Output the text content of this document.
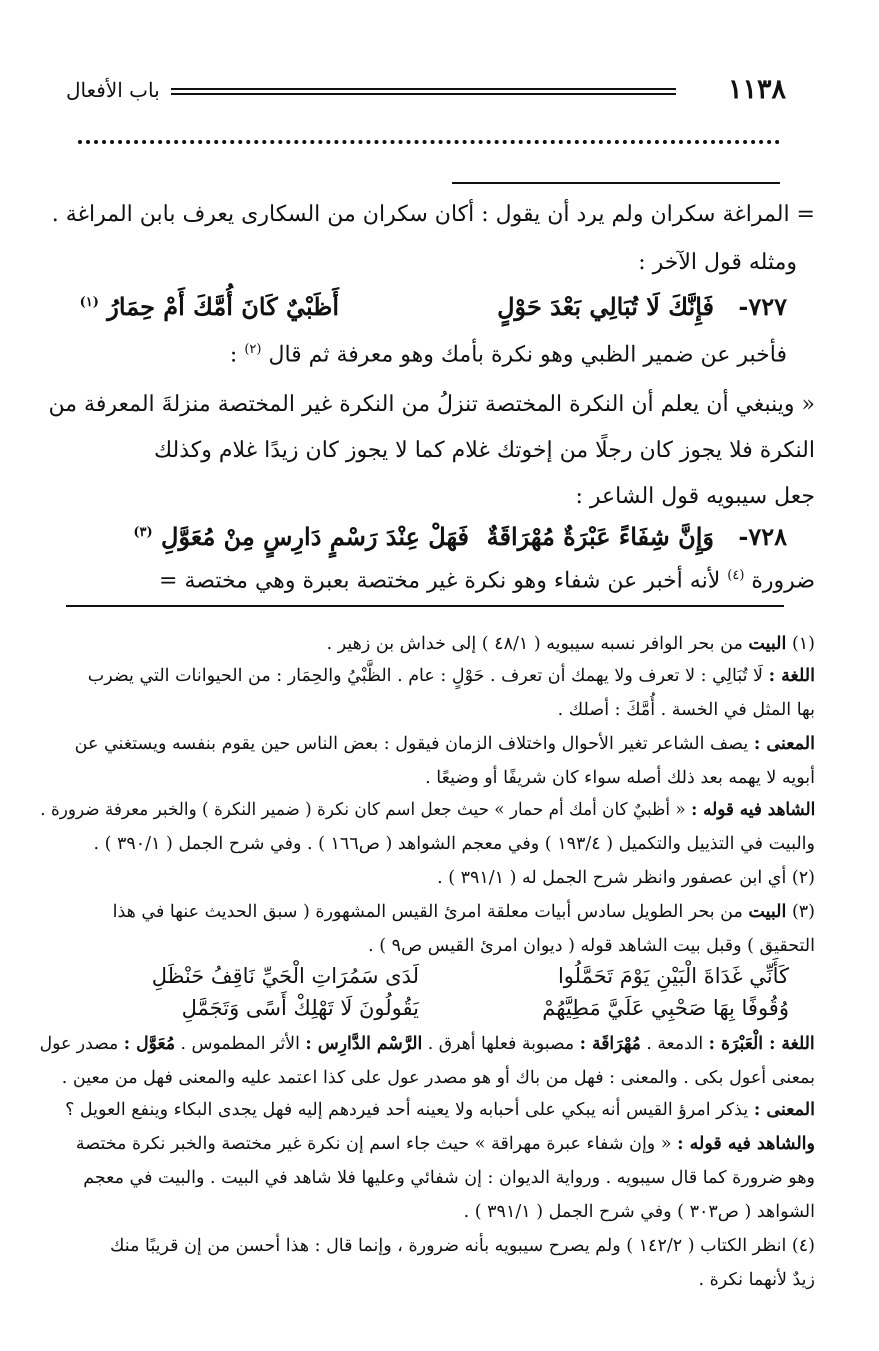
١١٣٨
باب الأفعال
= المراغة سكران ولم يرد أن يقول : أكان سكران من السكارى يعرف بابن المراغة .
ومثله قول الآخر :
٧٢٧-
فَإِنَّكَ لَا تُبَالِي بَعْدَ حَوْلٍ
أَظَبْيٌ كَانَ أُمَّكَ أَمْ حِمَارُ $^{(١)}$
فأخبر عن ضمير الظبي وهو نكرة بأمك وهو معرفة ثم قال $^{(٢)}$ :
« وينبغي أن يعلم أن النكرة المختصة تنزلُ من النكرة غير المختصة منزلةَ المعرفة من
النكرة فلا يجوز كان رجلًا من إخوتك غلام كما لا يجوز كان زيدًا غلام وكذلك
جعل سيبويه قول الشاعر :
٧٢٨-
وَإِنَّ شِفَاءً عَبْرَةٌ مُهْرَاقَةٌ
فَهَلْ عِنْدَ رَسْمٍ دَارِسٍ مِنْ مُعَوَّلِ $^{(٣)}$
ضرورة $^{(٤)}$ لأنه أخبر عن شفاء وهو نكرة غير مختصة بعبرة وهي مختصة =
(١) البيت من بحر الوافر نسبه سيبويه ( ٤٨/١ ) إلى خداش بن زهير .
اللغة : لَا تُبَالِي : لا تعرف ولا يهمك أن تعرف . حَوْلٍ : عام . الظَّبْيُ والحِمَار : من الحيوانات التي يضرب
بها المثل في الخسة . أُمَّكَ : أصلك .
المعنى : يصف الشاعر تغير الأحوال واختلاف الزمان فيقول : بعض الناس حين يقوم بنفسه ويستغني عن
أبويه لا يهمه بعد ذلك أصله سواء كان شريفًا أو وضيعًا .
الشاهد فيه قوله : « أظبيٌ كان أمك أم حمار » حيث جعل اسم كان نكرة ( ضمير النكرة ) والخبر معرفة ضرورة .
والبيت في التذييل والتكميل ( ١٩٣/٤ ) وفي معجم الشواهد ( ص١٦٦ ) . وفي شرح الجمل ( ٣٩٠/١ ) .
(٢) أي ابن عصفور وانظر شرح الجمل له ( ٣٩١/١ ) .
(٣) البيت من بحر الطويل سادس أبيات معلقة امرئ القيس المشهورة ( سبق الحديث عنها في هذا
التحقيق ) وقبل بيت الشاهد قوله ( ديوان امرئ القيس ص٩ ) .
كَأَنِّي غَدَاةَ الْبَيْنِ يَوْمَ تَحَمَّلُوا
لَدَى سَمُرَاتِ الْحَيِّ نَاقِفُ حَنْظَلِ
وُقُوفًا بِهَا صَحْبِي عَلَيَّ مَطِيَّهُمْ
يَقُولُونَ لَا تَهْلِكْ أَسًى وَتَجَمَّلِ
اللغة : الْعَبْرَة : الدمعة . مُهْرَاقَة : مصبوبة فعلها أهرق . الرَّسْم الدَّارِس : الأثر المطموس . مُعَوَّل : مصدر عول
بمعنى أعول بكى . والمعنى : فهل من باك أو هو مصدر عول على كذا اعتمد عليه والمعنى فهل من معين .
المعنى : يذكر امرؤ القيس أنه يبكي على أحبابه ولا يعينه أحد فيردهم إليه فهل يجدى البكاء وينفع العويل ؟
والشاهد فيه قوله : « وإن شفاء عبرة مهراقة » حيث جاء اسم إن نكرة غير مختصة والخبر نكرة مختصة
وهو ضرورة كما قال سيبويه . ورواية الديوان : إن شفائي وعليها فلا شاهد في البيت . والبيت في معجم
الشواهد ( ص٣٠٣ ) وفي شرح الجمل ( ٣٩١/١ ) .
(٤) انظر الكتاب ( ١٤٢/٢ ) ولم يصرح سيبويه بأنه ضرورة ، وإنما قال : هذا أحسن من إن قريبًا منك
زيدٌ لأنهما نكرة .
